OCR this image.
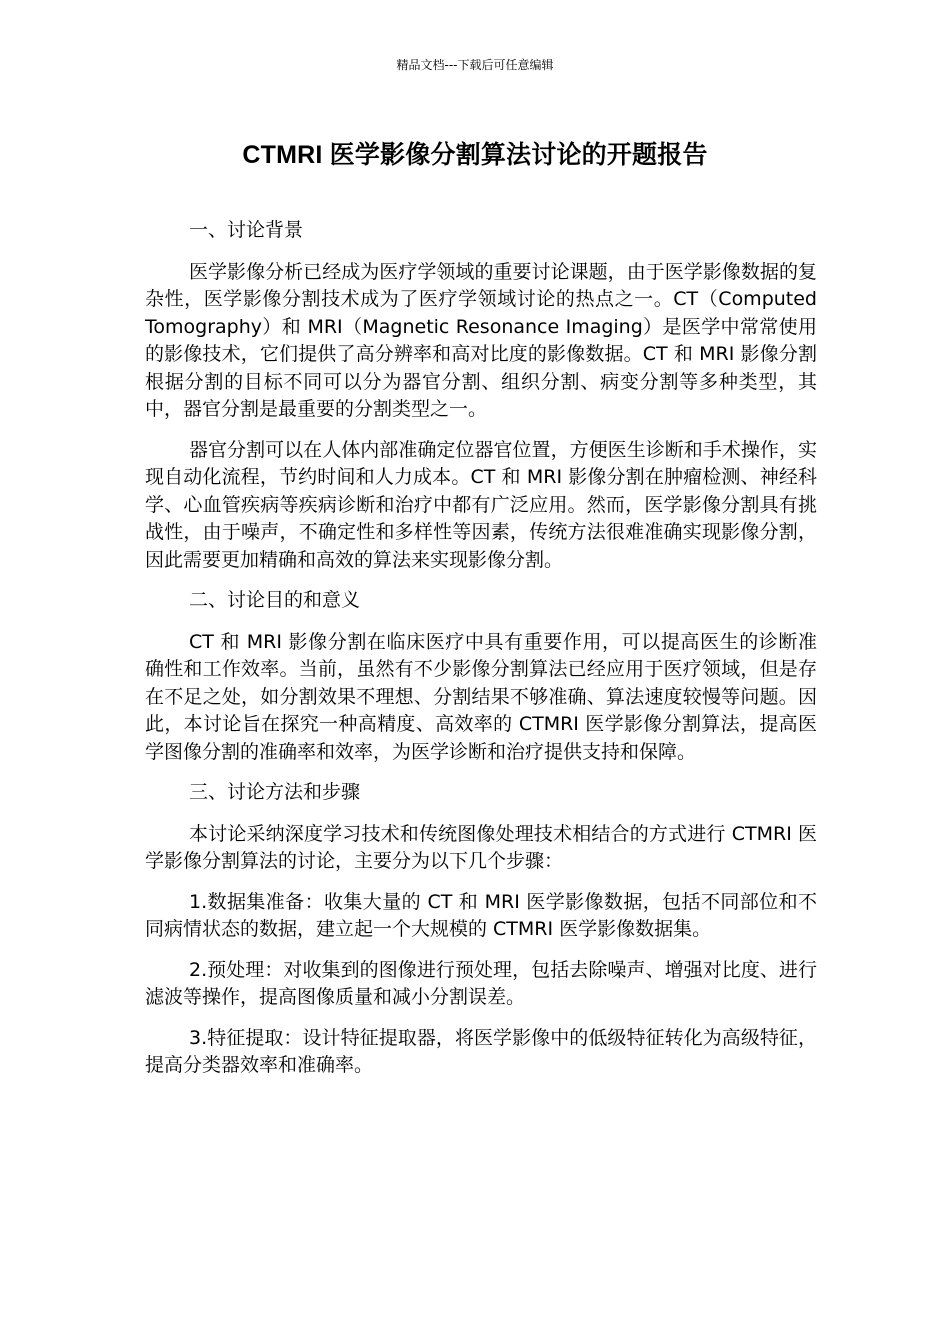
精品文档---下载后可任意编辑
CTMRI 医学影像分割算法讨论的开题报告

一、讨论背景

医学影像分析已经成为医疗学领域的重要讨论课题，由于医学影像数据的复杂性，医学影像分割技术成为了医疗学领域讨论的热点之一。CT（Computed Tomography）和 MRI（Magnetic Resonance Imaging）是医学中常常使用的影像技术，它们提供了高分辨率和高对比度的影像数据。CT 和 MRI 影像分割根据分割的目标不同可以分为器官分割、组织分割、病变分割等多种类型，其中，器官分割是最重要的分割类型之一。

器官分割可以在人体内部准确定位器官位置，方便医生诊断和手术操作，实现自动化流程，节约时间和人力成本。CT 和 MRI 影像分割在肿瘤检测、神经科学、心血管疾病等疾病诊断和治疗中都有广泛应用。然而，医学影像分割具有挑战性，由于噪声，不确定性和多样性等因素，传统方法很难准确实现影像分割，因此需要更加精确和高效的算法来实现影像分割。

二、讨论目的和意义

CT 和 MRI 影像分割在临床医疗中具有重要作用，可以提高医生的诊断准确性和工作效率。当前，虽然有不少影像分割算法已经应用于医疗领域，但是存在不足之处，如分割效果不理想、分割结果不够准确、算法速度较慢等问题。因此，本讨论旨在探究一种高精度、高效率的 CTMRI 医学影像分割算法，提高医学图像分割的准确率和效率，为医学诊断和治疗提供支持和保障。

三、讨论方法和步骤

本讨论采纳深度学习技术和传统图像处理技术相结合的方式进行 CTMRI 医学影像分割算法的讨论，主要分为以下几个步骤：

1.数据集准备：收集大量的 CT 和 MRI 医学影像数据，包括不同部位和不同病情状态的数据，建立起一个大规模的 CTMRI 医学影像数据集。

2.预处理：对收集到的图像进行预处理，包括去除噪声、增强对比度、进行滤波等操作，提高图像质量和减小分割误差。

3.特征提取：设计特征提取器，将医学影像中的低级特征转化为高级特征，提高分类器效率和准确率。
